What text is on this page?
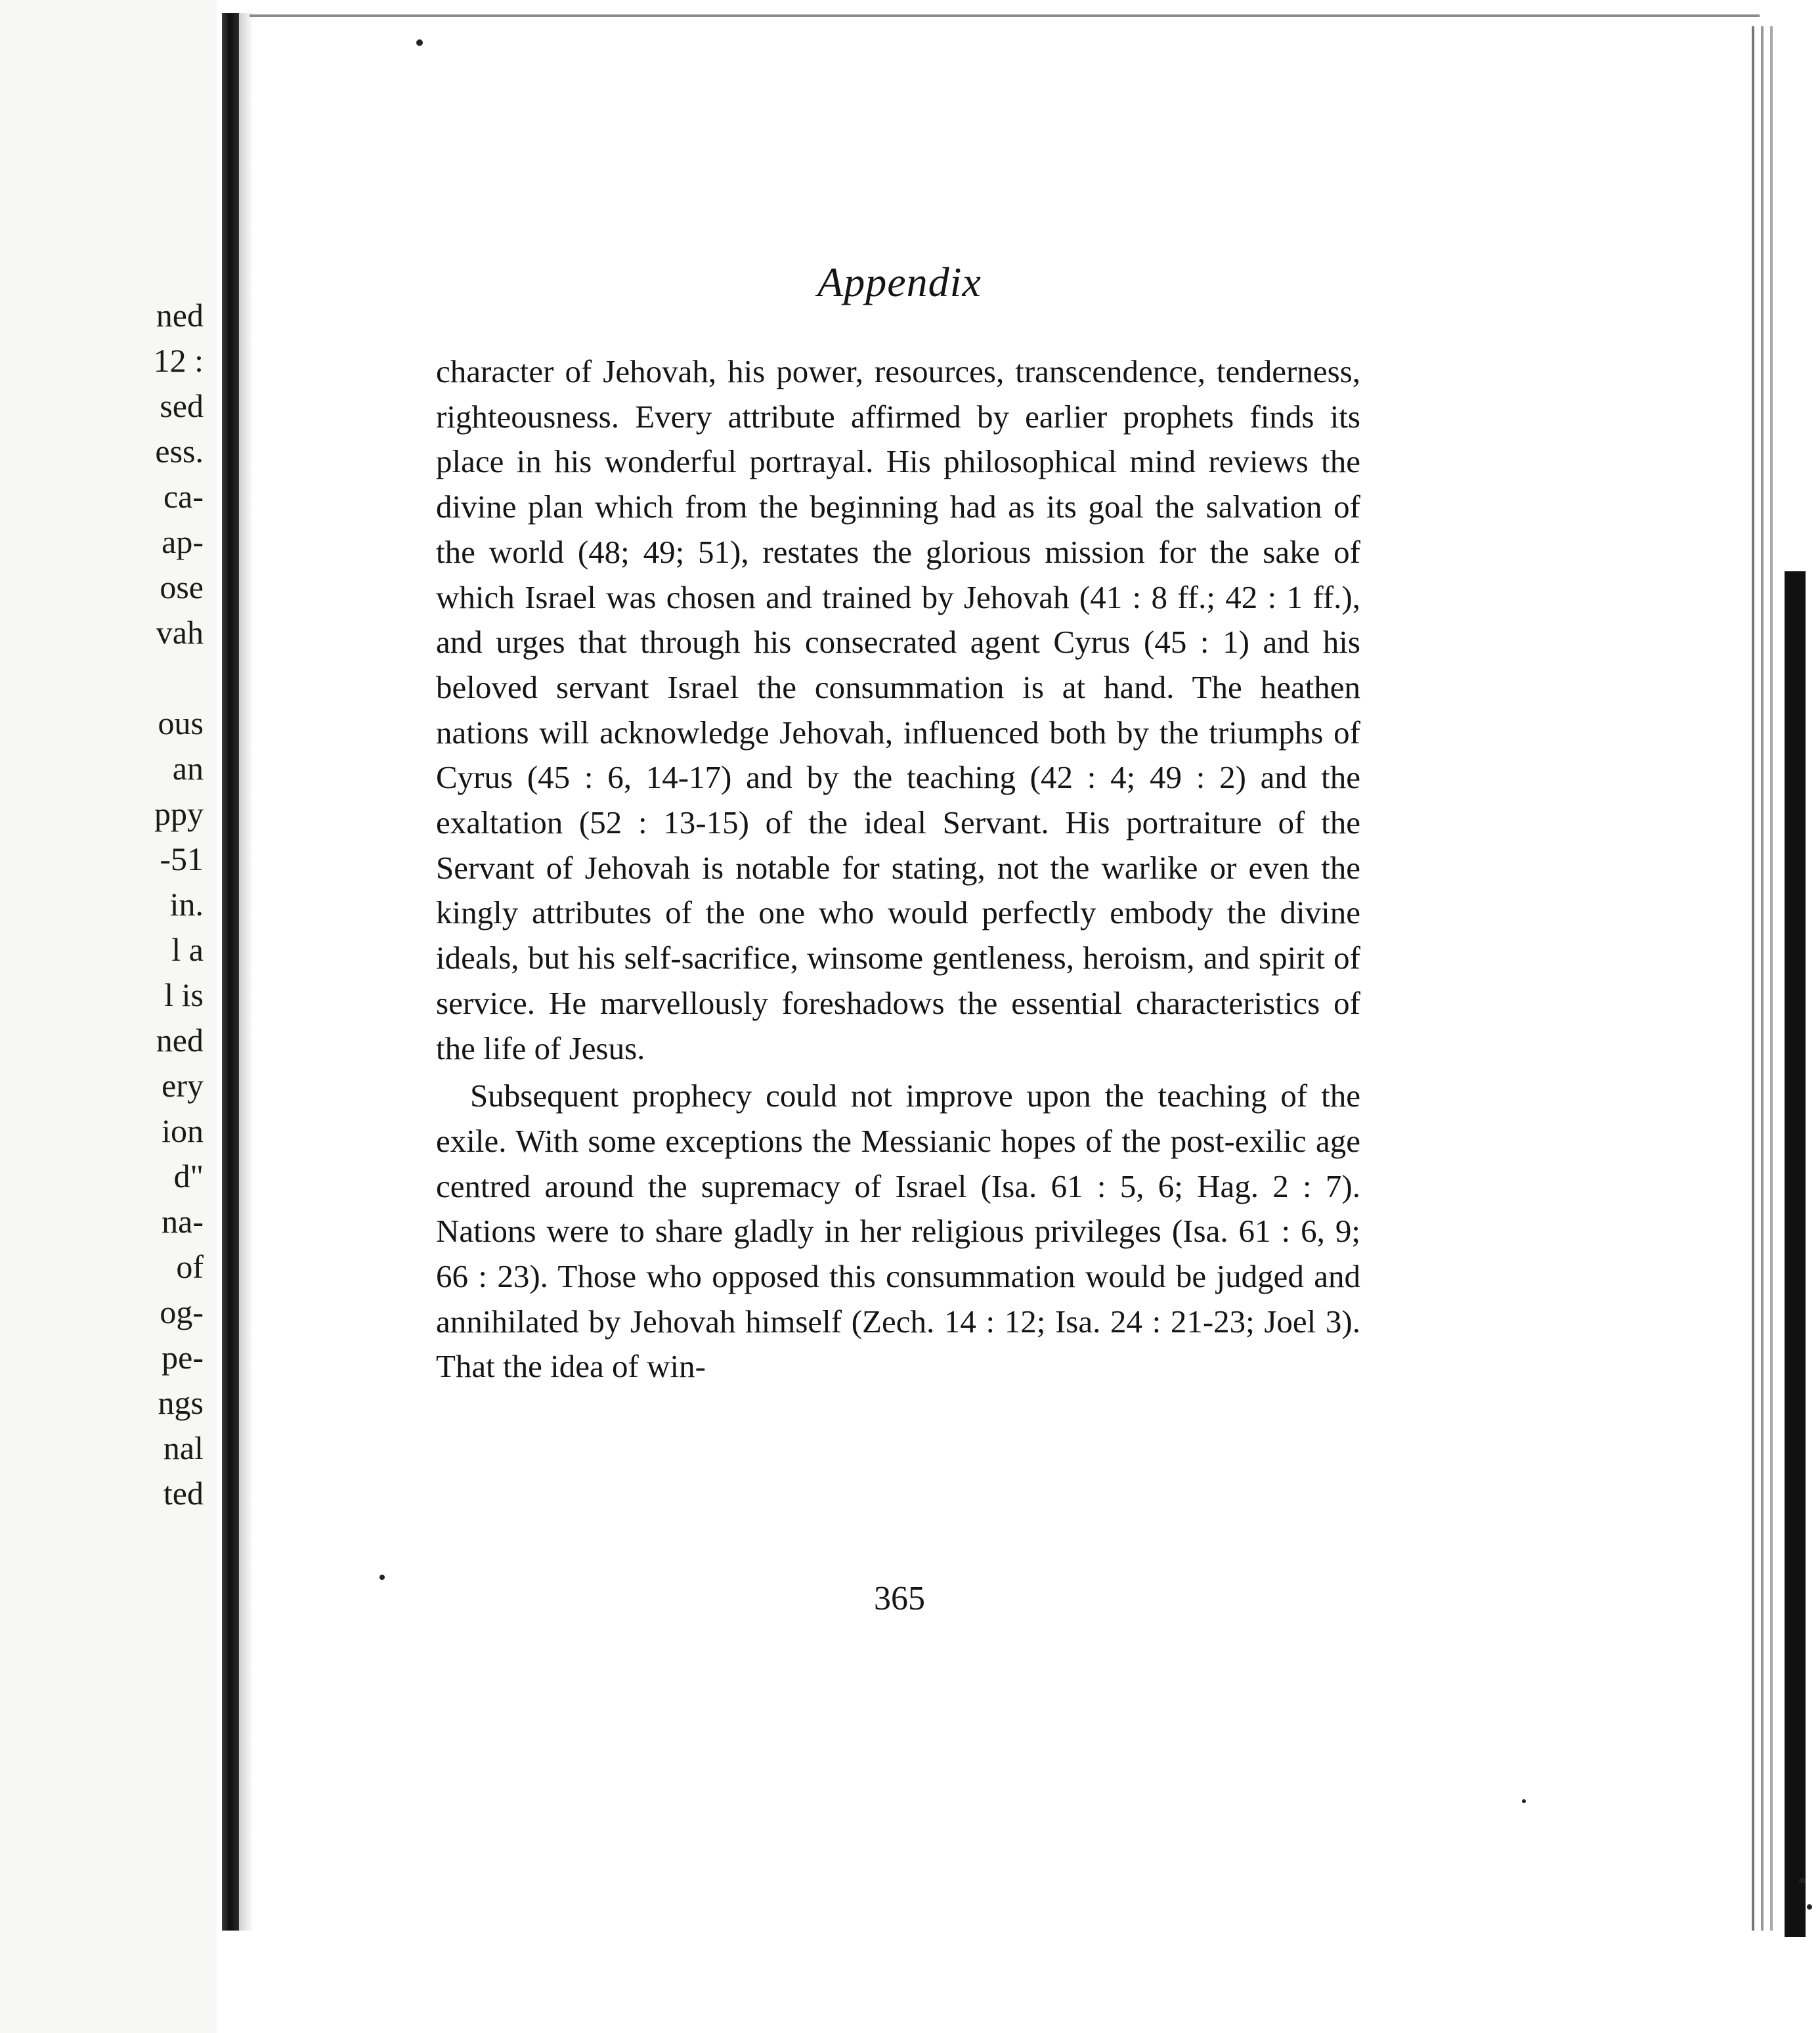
ned
12 :
sed
ess.
ca-
ap-
ose
vah
ous
an
ppy
-51
in.
l a
l is
ned
ery
ion
d"
na-
of
og-
pe-
ngs
nal
ted
Appendix

character of Jehovah, his power, resources, transcendence, tenderness, righteousness. Every attribute affirmed by earlier prophets finds its place in his wonderful portrayal. His philosophical mind reviews the divine plan which from the beginning had as its goal the salvation of the world (48; 49; 51), restates the glorious mission for the sake of which Israel was chosen and trained by Jehovah (41 : 8 ff.; 42 : 1 ff.), and urges that through his consecrated agent Cyrus (45 : 1) and his beloved servant Israel the consummation is at hand. The heathen nations will acknowledge Jehovah, influenced both by the triumphs of Cyrus (45 : 6, 14-17) and by the teaching (42 : 4; 49 : 2) and the exaltation (52 : 13-15) of the ideal Servant. His portraiture of the Servant of Jehovah is notable for stating, not the warlike or even the kingly attributes of the one who would perfectly embody the divine ideals, but his self-sacrifice, winsome gentleness, heroism, and spirit of service. He marvellously foreshadows the essential characteristics of the life of Jesus.

Subsequent prophecy could not improve upon the teaching of the exile. With some exceptions the Messianic hopes of the post-exilic age centred around the supremacy of Israel (Isa. 61 : 5, 6; Hag. 2 : 7). Nations were to share gladly in her religious privileges (Isa. 61 : 6, 9; 66 : 23). Those who opposed this consummation would be judged and annihilated by Jehovah himself (Zech. 14 : 12; Isa. 24 : 21-23; Joel 3). That the idea of win-

365
